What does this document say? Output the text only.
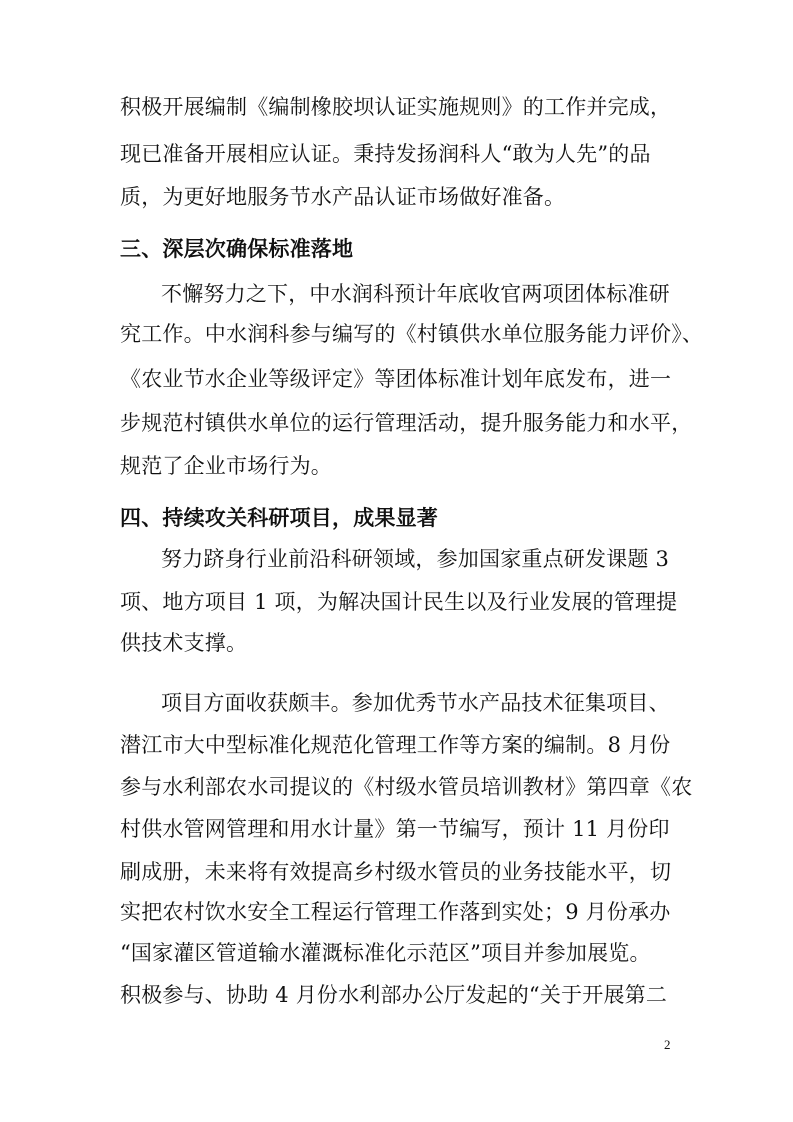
积极开展编制《编制橡胶坝认证实施规则》的工作并完成，
现已准备开展相应认证。秉持发扬润科人“敢为人先”的品
质，为更好地服务节水产品认证市场做好准备。
三、深层次确保标准落地
不懈努力之下，中水润科预计年底收官两项团体标准研
究工作。中水润科参与编写的《村镇供水单位服务能力评价》、
《农业节水企业等级评定》等团体标准计划年底发布，进一
步规范村镇供水单位的运行管理活动，提升服务能力和水平，
规范了企业市场行为。
四、持续攻关科研项目，成果显著
努力跻身行业前沿科研领域，参加国家重点研发课题 3
项、地方项目 1 项，为解决国计民生以及行业发展的管理提
供技术支撑。
项目方面收获颇丰。参加优秀节水产品技术征集项目、
潜江市大中型标准化规范化管理工作等方案的编制。8 月份
参与水利部农水司提议的《村级水管员培训教材》第四章《农
村供水管网管理和用水计量》第一节编写，预计 11 月份印
刷成册，未来将有效提高乡村级水管员的业务技能水平，切
实把农村饮水安全工程运行管理工作落到实处；9 月份承办
“国家灌区管道输水灌溉标准化示范区”项目并参加展览。
积极参与、协助 4 月份水利部办公厅发起的“关于开展第二
2
